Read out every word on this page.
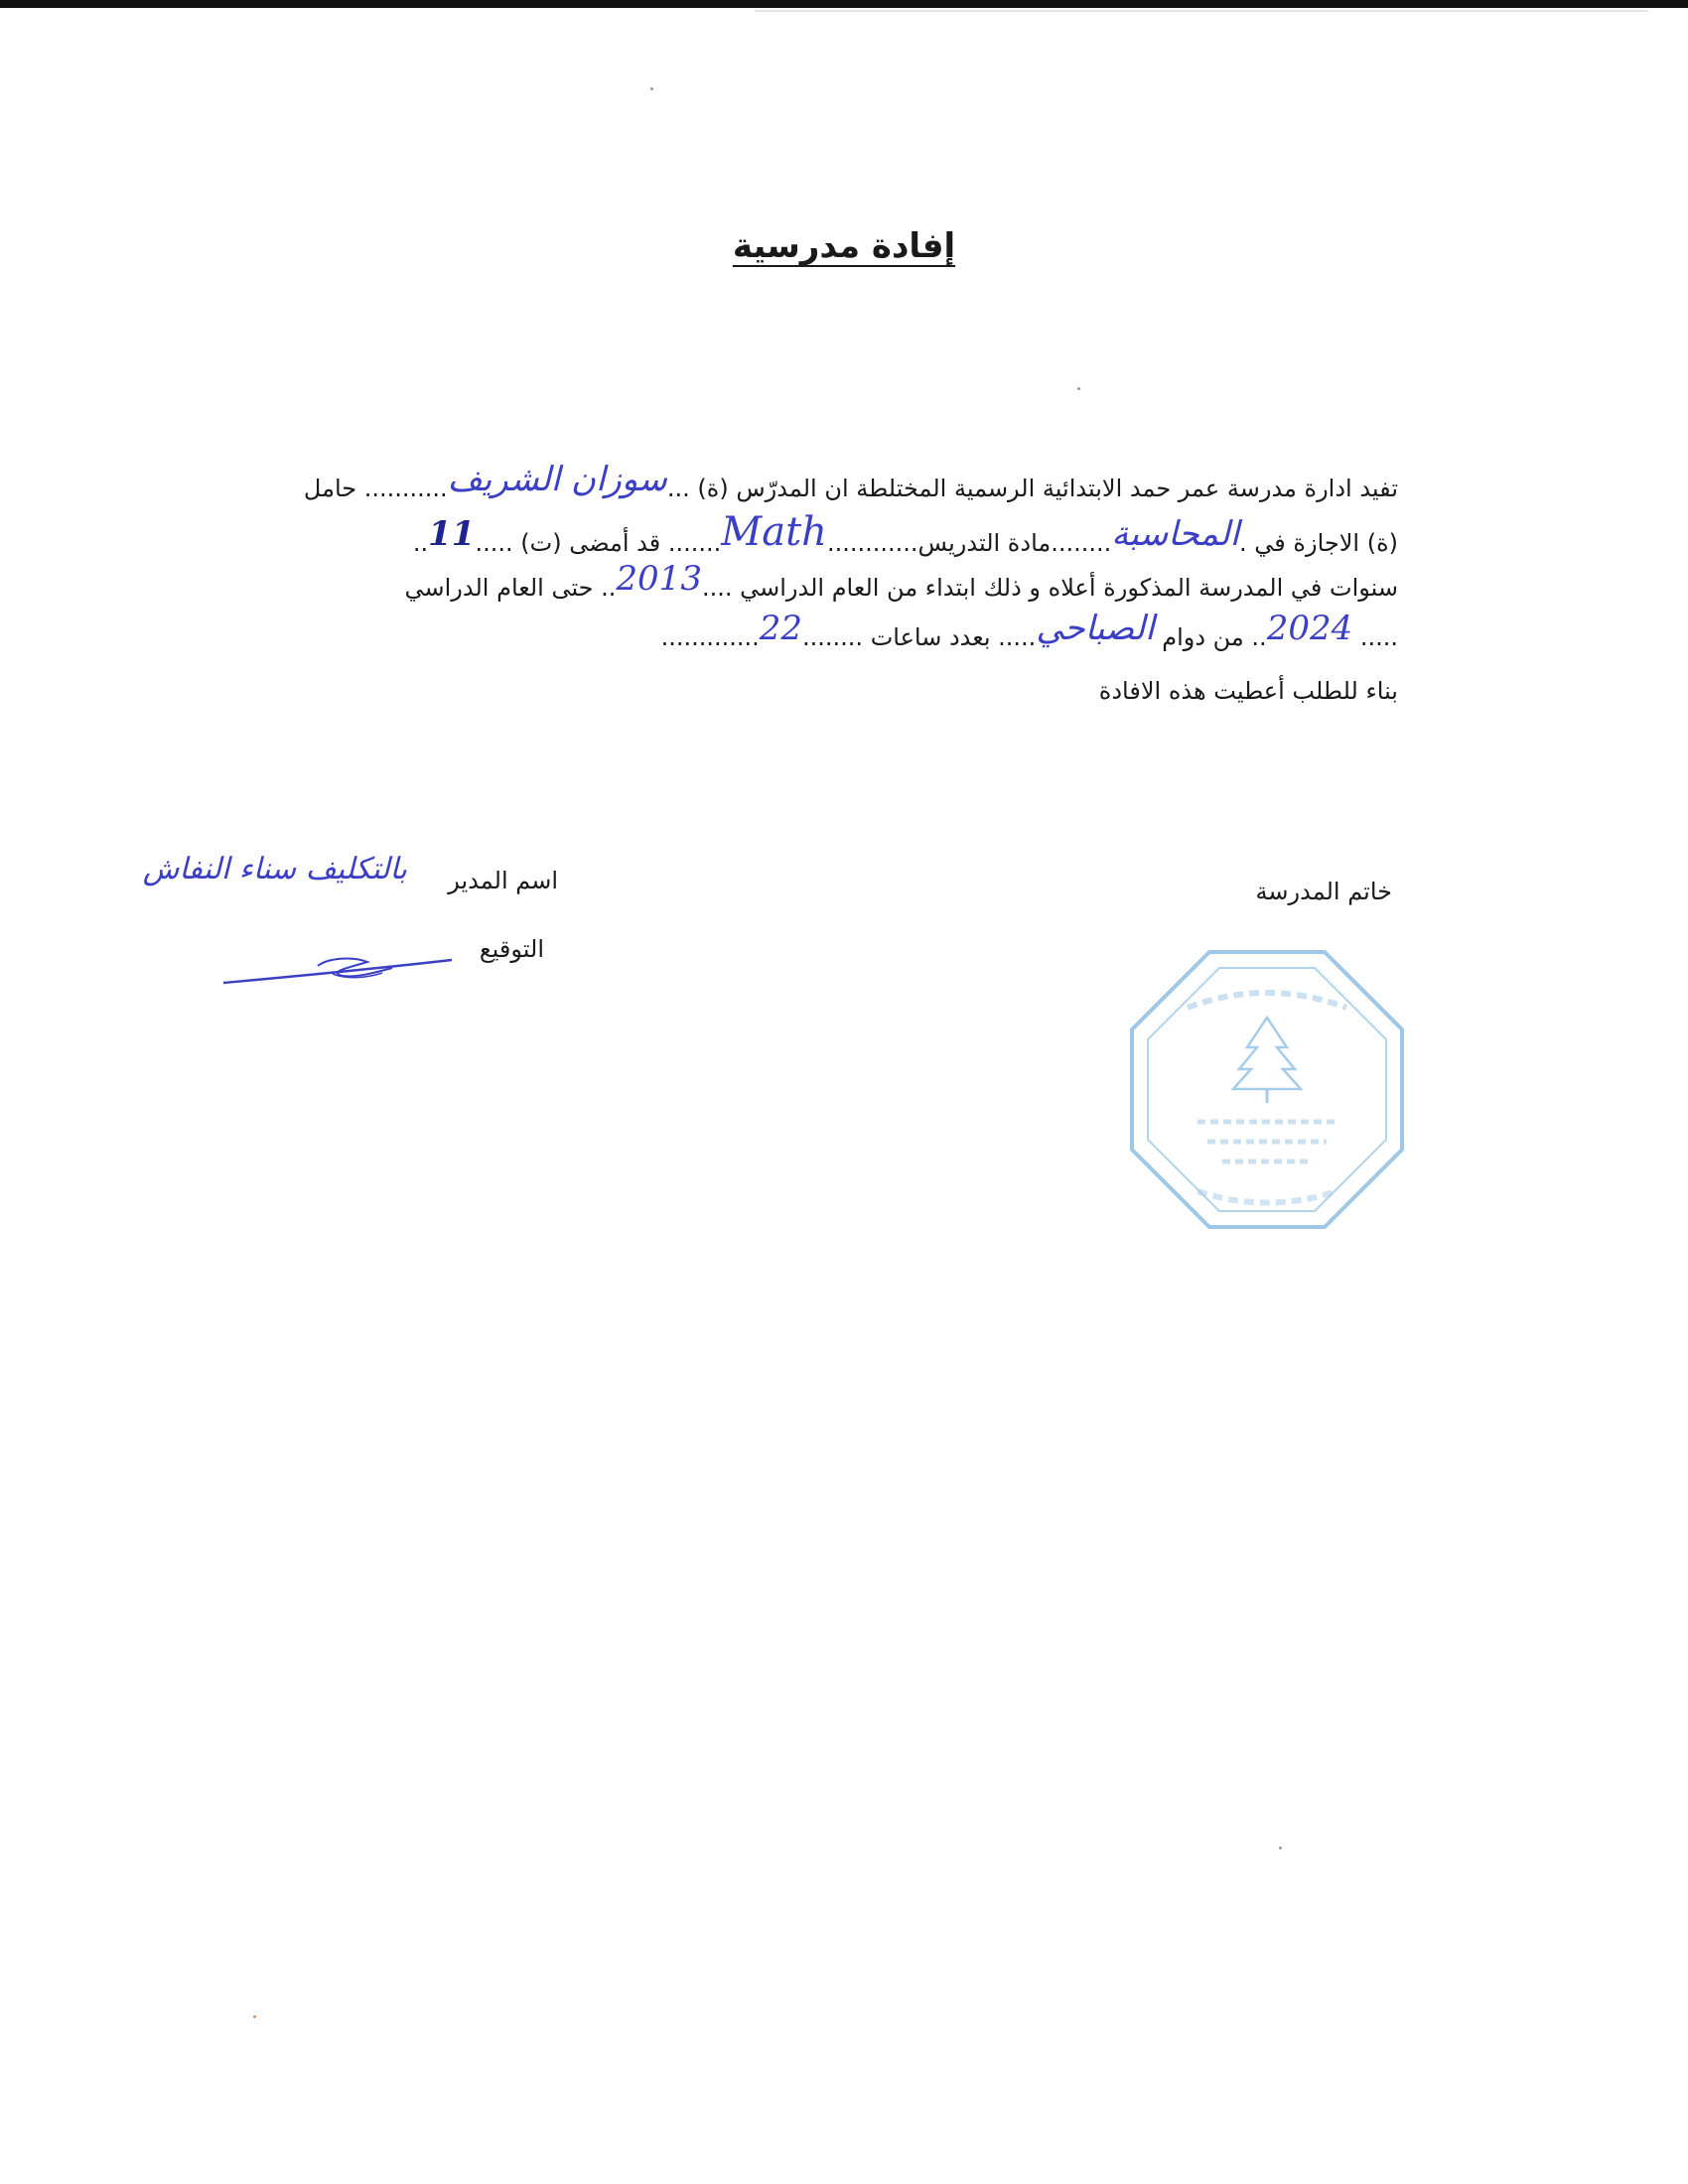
إفادة مدرسية
تفيد ادارة مدرسة عمر حمد الابتدائية الرسمية المختلطة ان المدرّس (ة) ...سوزان الشريف........... حامل
(ة) الاجازة في .المحاسبة........مادة التدريس............Math....... قد أمضى (ت) .....11..
سنوات في المدرسة المذكورة أعلاه و ذلك ابتداء من العام الدراسي ....2013.. حتى العام الدراسي
..... 2024.. من دوام الصباحي..... بعدد ساعات ........22.............
بناء للطلب أعطيت هذه الافادة
اسم المدير
بالتكليف سناء النفاش
التوقيع
خاتم المدرسة
